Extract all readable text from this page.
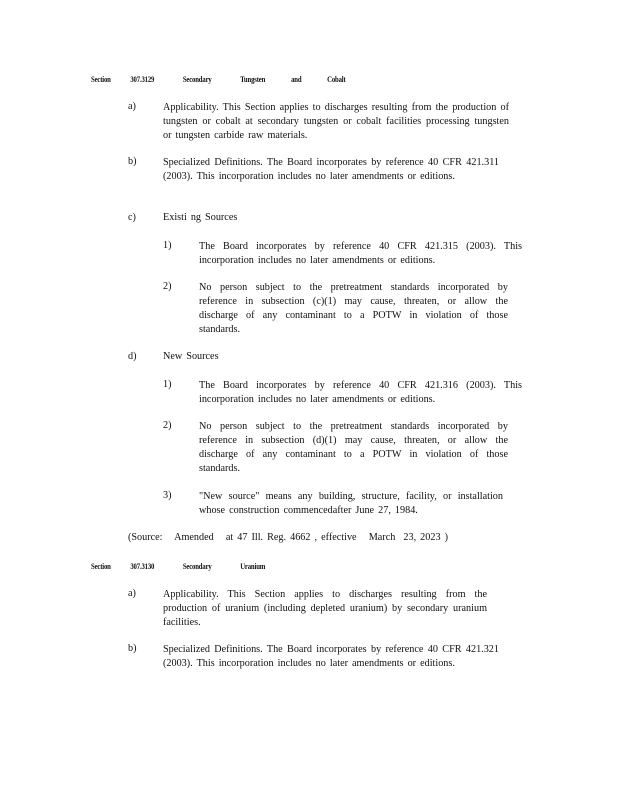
Section 307.3129	Secondary	Tungsten	and	Cobalt
a)	Applicability. This Section applies to discharges resulting from the production of tungsten or cobalt at secondary tungsten or cobalt facilities processing tungsten or tungsten carbide raw materials.

b)	Specialized Definitions. The Board incorporates by reference 40 CFR 421.311 (2003). This incorporation includes no later amendments or editions.

c)	Existi ng Sources
1)	The Board incorporates by reference 40 CFR 421.315 (2003). This incorporation includes no later amendments or editions.

2)	No person subject to the pretreatment standards incorporated by reference in subsection (c)(1) may cause, threaten, or allow the discharge of any contaminant to a POTW in violation of those standards.

d)	New Sources
1)	The Board incorporates by reference 40 CFR 421.316 (2003). This incorporation includes no later amendments or editions.

2)	No person subject to the pretreatment standards incorporated by reference in subsection (d)(1) may cause, threaten, or allow the discharge of any contaminant to a POTW in violation of those standards.

3)	"New source" means any building, structure, facility, or installation whose construction commencedafter June 27, 1984.

(Source:   Amended   at 47 Ill. Reg. 4662 , effective   March  23, 2023 )
Section 307.3130	Secondary	Uranium
a)	Applicability. This Section applies to discharges resulting from the production of uranium (including depleted uranium) by secondary uranium facilities.

b)	Specialized Definitions. The Board incorporates by reference 40 CFR 421.321 (2003). This incorporation includes no later amendments or editions.
